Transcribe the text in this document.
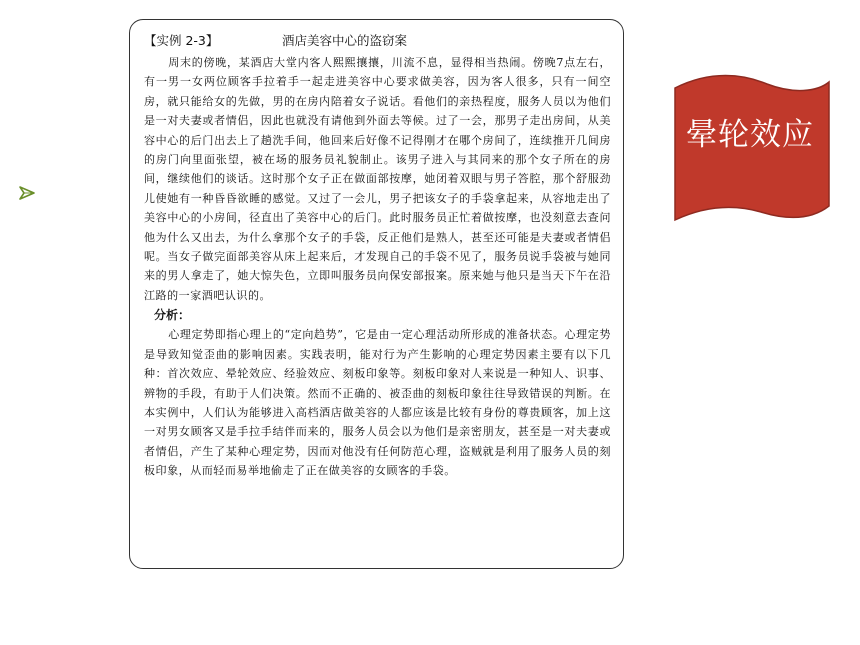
【实例 2-3】	酒店美容中心的盗窃案

周末的傍晚，某酒店大堂内客人熙熙攘攘，川流不息，显得相当热闹。傍晚7点左右，有一男一女两位顾客手拉着手一起走进美容中心要求做美容，因为客人很多，只有一间空房，就只能给女的先做，男的在房内陪着女子说话。看他们的亲热程度，服务人员以为他们是一对夫妻或者情侣，因此也就没有请他到外面去等候。过了一会，那男子走出房间，从美容中心的后门出去上了趟洗手间，他回来后好像不记得刚才在哪个房间了，连续推开几间房的房门向里面张望，被在场的服务员礼貌制止。该男子进入与其同来的那个女子所在的房间，继续他们的谈话。这时那个女子正在做面部按摩，她闭着双眼与男子答腔，那个舒服劲儿使她有一种昏昏欲睡的感觉。又过了一会儿，男子把该女子的手袋拿起来，从容地走出了美容中心的小房间，径直出了美容中心的后门。此时服务员正忙着做按摩，也没刻意去查问他为什么又出去，为什么拿那个女子的手袋，反正他们是熟人，甚至还可能是夫妻或者情侣呢。当女子做完面部美容从床上起来后，才发现自己的手袋不见了，服务员说手袋被与她同来的男人拿走了，她大惊失色，立即叫服务员向保安部报案。原来她与他只是当天下午在沿江路的一家酒吧认识的。

分析：

心理定势即指心理上的“定向趋势”，它是由一定心理活动所形成的准备状态。心理定势是导致知觉歪曲的影响因素。实践表明，能对行为产生影响的心理定势因素主要有以下几种：首次效应、晕轮效应、经验效应、刻板印象等。刻板印象对人来说是一种知人、识事、辨物的手段，有助于人们决策。然而不正确的、被歪曲的刻板印象往往导致错误的判断。在本实例中，人们认为能够进入高档酒店做美容的人都应该是比较有身份的尊贵顾客，加上这一对男女顾客又是手拉手结伴而来的，服务人员会以为他们是亲密朋友，甚至是一对夫妻或者情侣，产生了某种心理定势，因而对他没有任何防范心理，盗贼就是利用了服务人员的刻板印象，从而轻而易举地偷走了正在做美容的女顾客的手袋。

晕轮效应
